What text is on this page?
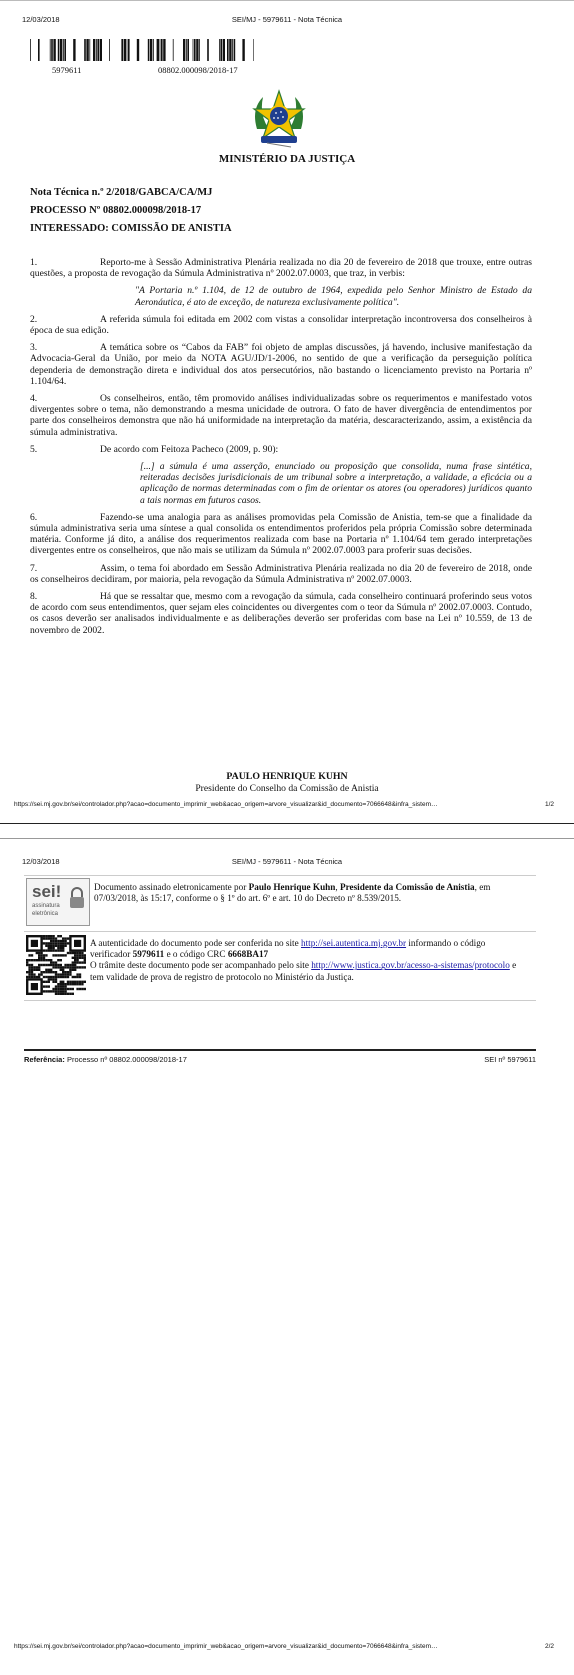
12/03/2018	SEI/MJ - 5979611 - Nota Técnica
5979611	08802.000098/2018-17
MINISTÉRIO DA JUSTIÇA
Nota Técnica n.º 2/2018/GABCA/CA/MJ
PROCESSO Nº 08802.000098/2018-17
INTERESSADO: COMISSÃO DE ANISTIA

1.	Reporto-me à Sessão Administrativa Plenária realizada no dia 20 de fevereiro de 2018 que trouxe, entre outras questões, a proposta de revogação da Súmula Administrativa nº 2002.07.0003, que traz, in verbis:

"A Portaria n.º 1.104, de 12 de outubro de 1964, expedida pelo Senhor Ministro de Estado da Aeronáutica, é ato de exceção, de natureza exclusivamente política".

2.	A referida súmula foi editada em 2002 com vistas a consolidar interpretação incontroversa dos conselheiros à época de sua edição.

3.	A temática sobre os “Cabos da FAB” foi objeto de amplas discussões, já havendo, inclusive manifestação da Advocacia-Geral da União, por meio da NOTA AGU/JD/1-2006, no sentido de que a verificação da perseguição política dependeria de demonstração direta e individual dos atos persecutórios, não bastando o licenciamento previsto na Portaria nº 1.104/64.

4.	Os conselheiros, então, têm promovido análises individualizadas sobre os requerimentos e manifestado votos divergentes sobre o tema, não demonstrando a mesma unicidade de outrora. O fato de haver divergência de entendimentos por parte dos conselheiros demonstra que não há uniformidade na interpretação da matéria, descaracterizando, assim, a existência da súmula administrativa.

5.	De acordo com Feitoza Pacheco (2009, p. 90):

[...] a súmula é uma asserção, enunciado ou proposição que consolida, numa frase sintética, reiteradas decisões jurisdicionais de um tribunal sobre a interpretação, a validade, a eficácia ou a aplicação de normas determinadas com o fim de orientar os atores (ou operadores) jurídicos quanto a tais normas em futuros casos.

6.	Fazendo-se uma analogia para as análises promovidas pela Comissão de Anistia, tem-se que a finalidade da súmula administrativa seria uma síntese a qual consolida os entendimentos proferidos pela própria Comissão sobre determinada matéria. Conforme já dito, a análise dos requerimentos realizada com base na Portaria nº 1.104/64 tem gerado interpretações divergentes entre os conselheiros, que não mais se utilizam da Súmula nº 2002.07.0003 para proferir suas decisões.

7.	Assim, o tema foi abordado em Sessão Administrativa Plenária realizada no dia 20 de fevereiro de 2018, onde os conselheiros decidiram, por maioria, pela revogação da Súmula Administrativa nº 2002.07.0003.

8.	Há que se ressaltar que, mesmo com a revogação da súmula, cada conselheiro continuará proferindo seus votos de acordo com seus entendimentos, quer sejam eles coincidentes ou divergentes com o teor da Súmula nº 2002.07.0003. Contudo, os casos deverão ser analisados individualmente e as deliberações deverão ser proferidas com base na Lei nº 10.559, de 13 de novembro de 2002.

PAULO HENRIQUE KUHN
Presidente do Conselho da Comissão de Anistia
https://sei.mj.gov.br/sei/controlador.php?acao=documento_imprimir_web&acao_origem=arvore_visualizar&id_documento=7066648&infra_sistem…	1/2
12/03/2018	SEI/MJ - 5979611 - Nota Técnica
sei!
assinatura
eletrônica
Documento assinado eletronicamente por Paulo Henrique Kuhn, Presidente da Comissão de Anistia, em 07/03/2018, às 15:17, conforme o § 1º do art. 6º e art. 10 do Decreto nº 8.539/2015.
A autenticidade do documento pode ser conferida no site http://sei.autentica.mj.gov.br informando o código verificador 5979611 e o código CRC 6668BA17
O trâmite deste documento pode ser acompanhado pelo site http://www.justica.gov.br/acesso-a-sistemas/protocolo e tem validade de prova de registro de protocolo no Ministério da Justiça.
Referência: Processo nº 08802.000098/2018-17	SEI nº 5979611
https://sei.mj.gov.br/sei/controlador.php?acao=documento_imprimir_web&acao_origem=arvore_visualizar&id_documento=7066648&infra_sistem…	2/2
